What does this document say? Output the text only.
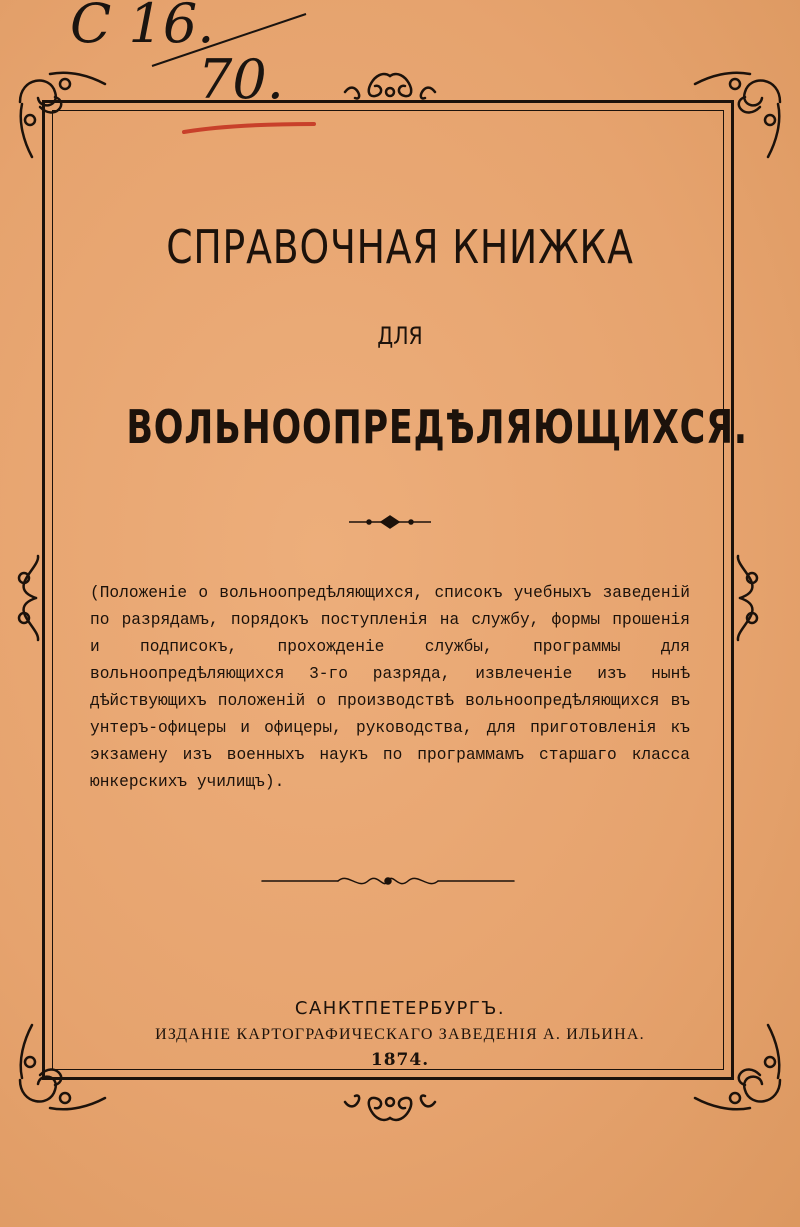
С 16.
70.
СПРАВОЧНАЯ КНИЖКА
ДЛЯ
ВОЛЬНООПРЕДѢЛЯЮЩИХСЯ.
(Положенiе о вольноопредѣляющихся, списокъ учебныхъ заведенiй по разрядамъ, порядокъ поступленiя на службу, формы прошенiя и подписокъ, прохожденiе службы, программы для вольноопредѣляющихся 3-го разряда, извлеченiе изъ нынѣ дѣйствующихъ положенiй о производствѣ вольноопредѣляющихся въ унтеръ-офицеры и офицеры, руководства, для приготовленiя къ экзамену изъ военныхъ наукъ по программамъ старшаго класса юнкерскихъ училищъ).
САНКТПЕТЕРБУРГЪ.
ИЗДАНIЕ КАРТОГРАФИЧЕСКАГО ЗАВЕДЕНIЯ А. ИЛЬИНА.
1874.
